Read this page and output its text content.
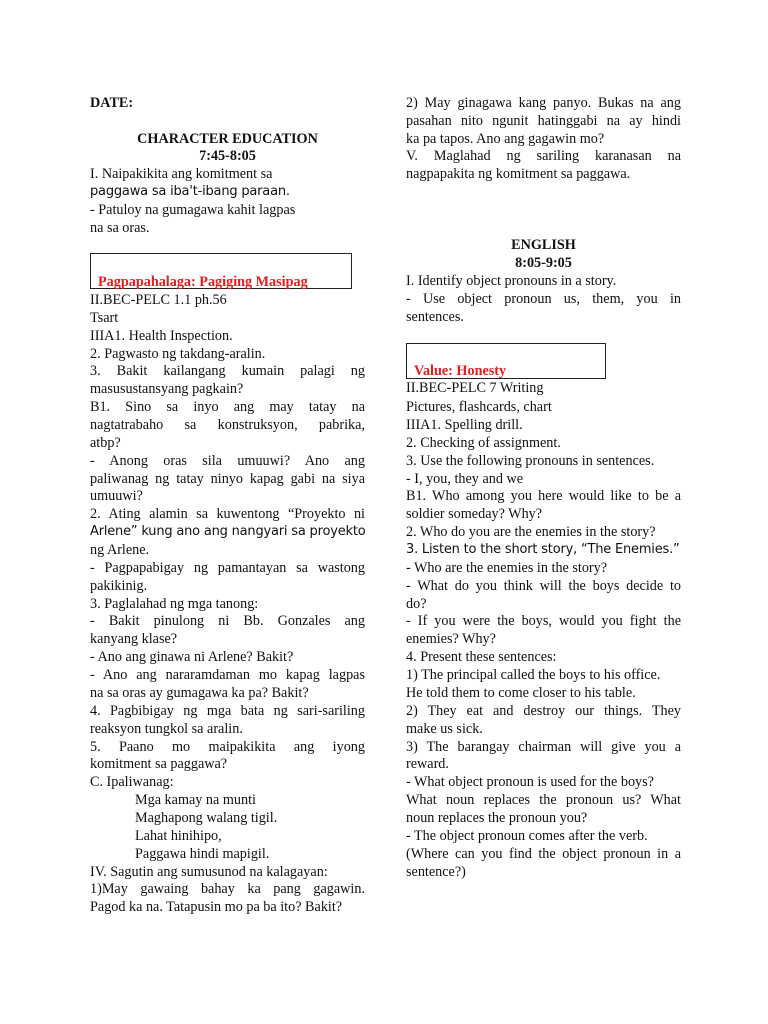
DATE:
CHARACTER EDUCATION
7:45-8:05
I. Naipakikita ang komitment sa
paggawa sa iba't-ibang paraan.
- Patuloy na gumagawa kahit lagpas
na sa oras.
Pagpapahalaga: Pagiging Masipag
II.BEC-PELC 1.1 ph.56
Tsart
IIIA1. Health Inspection.
2. Pagwasto ng takdang-aralin.
3. Bakit kailangang kumain palagi ng
masusustansyang pagkain?
B1. Sino sa inyo ang may tatay na
nagtatrabaho sa konstruksyon, pabrika,
atbp?
- Anong oras sila umuuwi? Ano ang
paliwanag ng tatay ninyo kapag gabi na siya
umuuwi?
2. Ating alamin sa kuwentong “Proyekto ni
Arlene” kung ano ang nangyari sa proyekto
ng Arlene.
- Pagpapabigay ng pamantayan sa wastong
pakikinig.
3. Paglalahad ng mga tanong:
- Bakit pinulong ni Bb. Gonzales ang
kanyang klase?
- Ano ang ginawa ni Arlene? Bakit?
- Ano ang nararamdaman mo kapag lagpas
na sa oras ay gumagawa ka pa? Bakit?
4. Pagbibigay ng mga bata ng sari-sariling
reaksyon tungkol sa aralin.
5. Paano mo maipakikita ang iyong
komitment sa paggawa?
C. Ipaliwanag:
Mga kamay na munti
Maghapong walang tigil.
Lahat hinihipo,
Paggawa hindi mapigil.
IV. Sagutin ang sumusunod na kalagayan:
1)May gawaing bahay ka pang gagawin.
Pagod ka na. Tatapusin mo pa ba ito? Bakit?
2) May ginagawa kang panyo. Bukas na ang
pasahan nito ngunit hatinggabi na ay hindi
ka pa tapos. Ano ang gagawin mo?
V. Maglahad ng sariling karanasan na
nagpapakita ng komitment sa paggawa.
ENGLISH
8:05-9:05
I. Identify object pronouns in a story.
- Use object pronoun us, them, you in
sentences.
Value: Honesty
II.BEC-PELC 7 Writing
Pictures, flashcards, chart
IIIA1. Spelling drill.
2. Checking of assignment.
3. Use the following pronouns in sentences.
- I, you, they and we
B1. Who among you here would like to be a
soldier someday? Why?
2. Who do you are the enemies in the story?
3. Listen to the short story, “The Enemies.”
- Who are the enemies in the story?
- What do you think will the boys decide to
do?
- If you were the boys, would you fight the
enemies? Why?
4. Present these sentences:
1) The principal called the boys to his office.
He told them to come closer to his table.
2) They eat and destroy our things. They
make us sick.
3) The barangay chairman will give you a
reward.
- What object pronoun is used for the boys?
What noun replaces the pronoun us? What
noun replaces the pronoun you?
- The object pronoun comes after the verb.
(Where can you find the object pronoun in a
sentence?)
